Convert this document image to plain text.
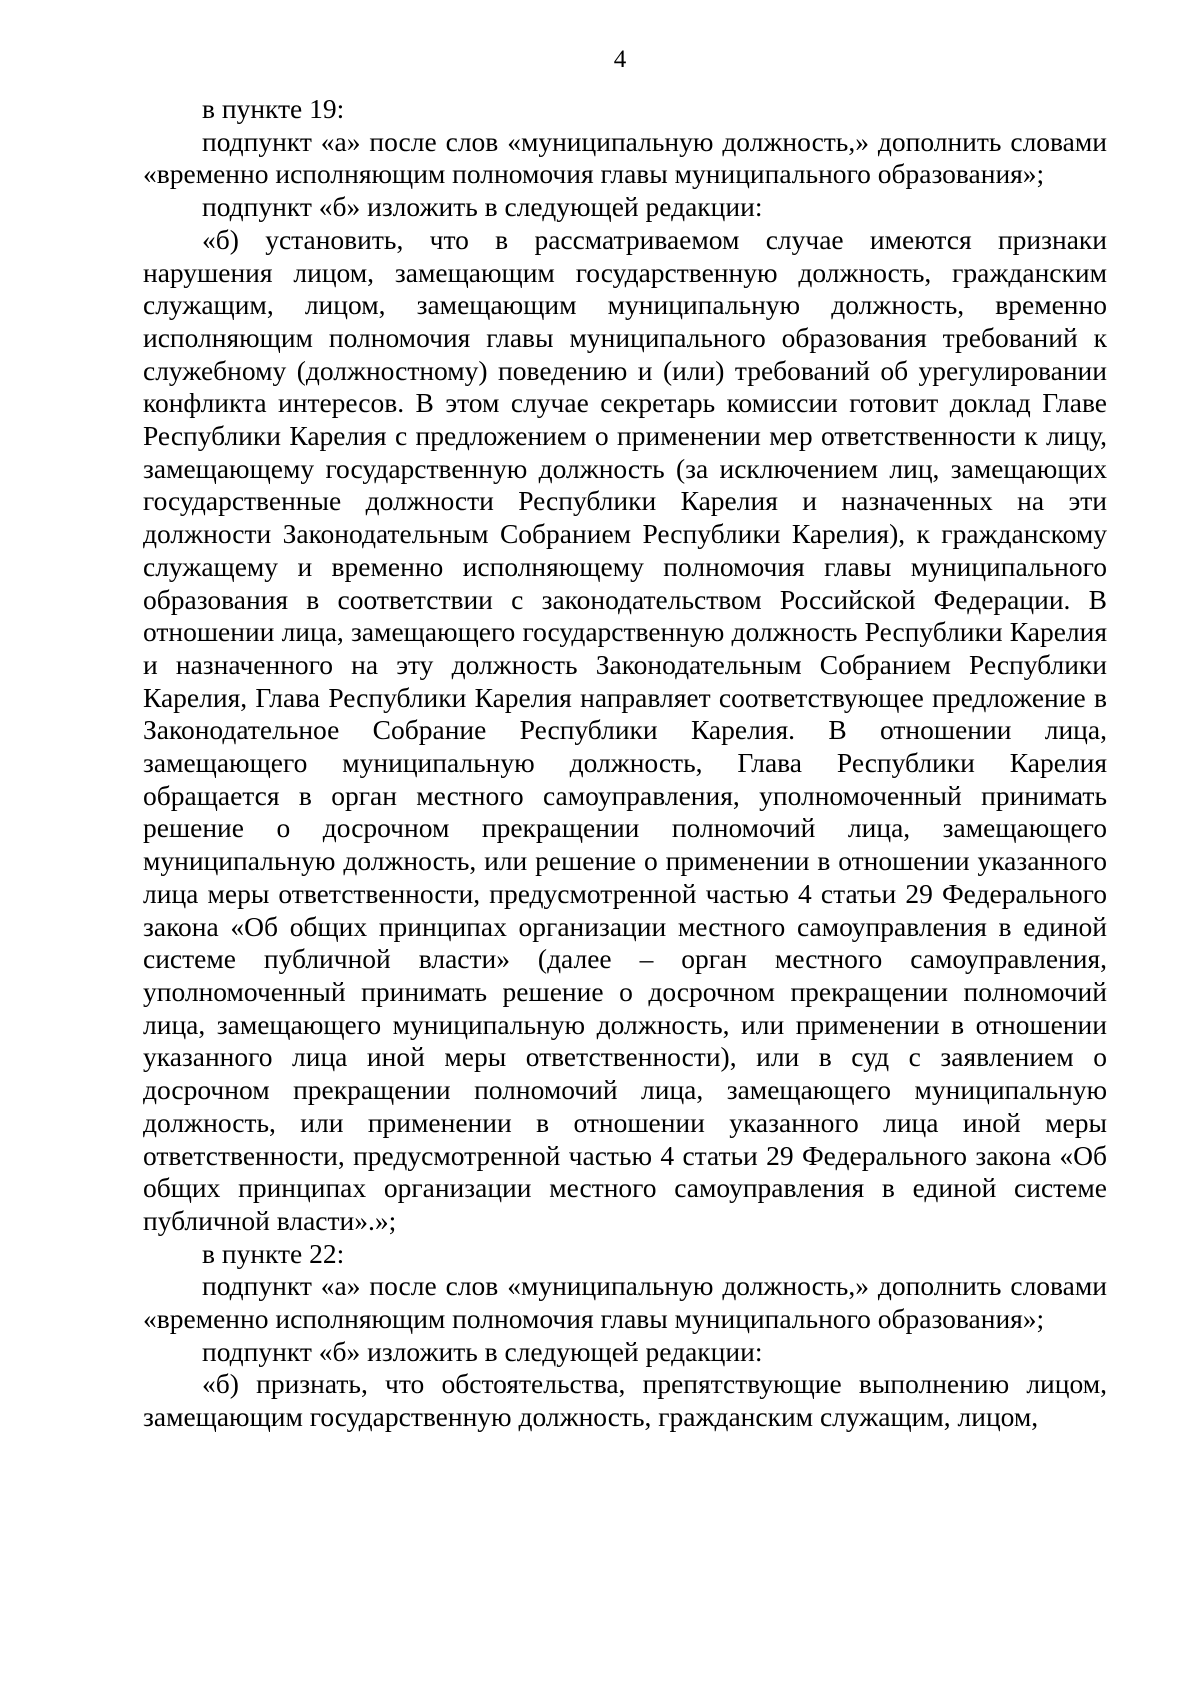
4

в пункте 19:

подпункт «а» после слов «муниципальную должность,» дополнить словами «временно исполняющим полномочия главы муниципального образования»;

подпункт «б» изложить в следующей редакции:

«б) установить, что в рассматриваемом случае имеются признаки нарушения лицом, замещающим государственную должность, гражданским служащим, лицом, замещающим муниципальную должность, временно исполняющим полномочия главы муниципального образования требований к служебному (должностному) поведению и (или) требований об урегулировании конфликта интересов. В этом случае секретарь комиссии готовит доклад Главе Республики Карелия с предложением о применении мер ответственности к лицу, замещающему государственную должность (за исключением лиц, замещающих государственные должности Республики Карелия и назначенных на эти должности Законодательным Собранием Республики Карелия), к гражданскому служащему и временно исполняющему полномочия главы муниципального образования в соответствии с законодательством Российской Федерации. В отношении лица, замещающего государственную должность Республики Карелия и назначенного на эту должность Законодательным Собранием Республики Карелия, Глава Республики Карелия направляет соответствующее предложение в Законодательное Собрание Республики Карелия. В отношении лица, замещающего муниципальную должность, Глава Республики Карелия обращается в орган местного самоуправления, уполномоченный принимать решение о досрочном прекращении полномочий лица, замещающего муниципальную должность, или решение о применении в отношении указанного лица меры ответственности, предусмотренной частью 4 статьи 29 Федерального закона «Об общих принципах организации местного самоуправления в единой системе публичной власти» (далее – орган местного самоуправления, уполномоченный принимать решение о досрочном прекращении полномочий лица, замещающего муниципальную должность, или применении в отношении указанного лица иной меры ответственности), или в суд с заявлением о досрочном прекращении полномочий лица, замещающего муниципальную должность, или применении в отношении указанного лица иной меры ответственности, предусмотренной частью 4 статьи 29 Федерального закона «Об общих принципах организации местного самоуправления в единой системе публичной власти».»;

в пункте 22:

подпункт «а» после слов «муниципальную должность,» дополнить словами «временно исполняющим полномочия главы муниципального образования»;

подпункт «б» изложить в следующей редакции:

«б) признать, что обстоятельства, препятствующие выполнению лицом, замещающим государственную должность, гражданским служащим, лицом,
